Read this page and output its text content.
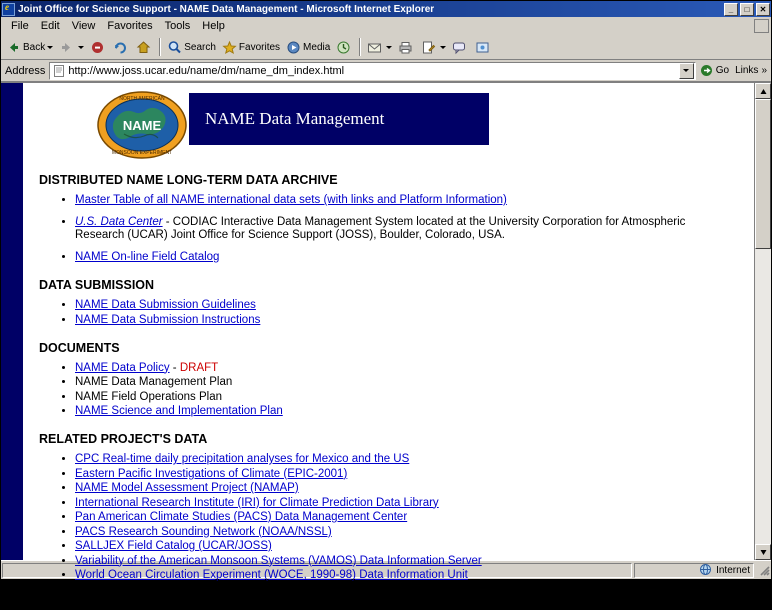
e
Joint Office for Science Support - NAME Data Management - Microsoft Internet Explorer	_	□	✕
File	Edit	View	Favorites	Tools	Help
Back	Search Favorites Media
Address http://www.joss.ucar.edu/name/dm/name_dm_index.html	Go Links »
NAME Data Management
NAME
NORTH AMERICAN
MONSOON EXPERIMENT
DISTRIBUTED NAME LONG-TERM DATA ARCHIVE
• Master Table of all NAME international data sets (with links and Platform Information)
• U.S. Data Center - CODIAC Interactive Data Management System located at the University Corporation for Atmospheric Research (UCAR) Joint Office for Science Support (JOSS), Boulder, Colorado, USA.
• NAME On-line Field Catalog
DATA SUBMISSION
• NAME Data Submission Guidelines
• NAME Data Submission Instructions
DOCUMENTS
• NAME Data Policy - DRAFT
• NAME Data Management Plan
• NAME Field Operations Plan
• NAME Science and Implementation Plan
RELATED PROJECT'S DATA
• CPC Real-time daily precipitation analyses for Mexico and the US
• Eastern Pacific Investigations of Climate (EPIC-2001)
• NAME Model Assessment Project (NAMAP)
• International Research Institute (IRI) for Climate Prediction Data Library
• Pan American Climate Studies (PACS) Data Management Center
• PACS Research Sounding Network (NOAA/NSSL)
• SALLJEX Field Catalog (UCAR/JOSS)
• Variability of the American Monsoon Systems (VAMOS) Data Information Server
• World Ocean Circulation Experiment (WOCE, 1990-98) Data Information Unit
OTHER LINKS
Internet
